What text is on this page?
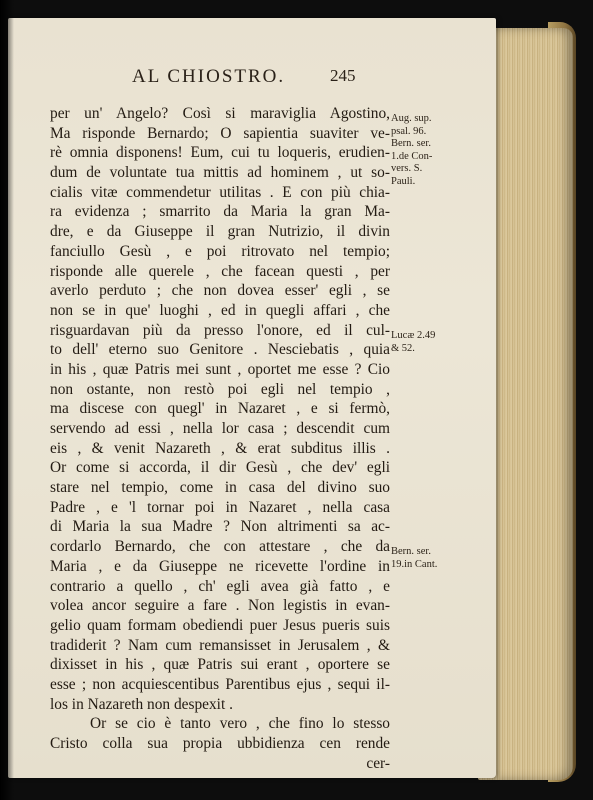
AL CHIOSTRO.	245
per un' Angelo? Così si maraviglia Agostino,
Ma risponde Bernardo; O sapientia suaviter ve-
rè omnia disponens! Eum, cui tu loqueris, erudien-
dum de voluntate tua mittis ad hominem , ut so-
cialis vitæ commendetur utilitas . E con più chia-
ra evidenza ; smarrito da Maria la gran Ma-
dre, e da Giuseppe il gran Nutrizio, il divin
fanciullo Gesù , e poi ritrovato nel tempio;
risponde alle querele , che facean questi , per
averlo perduto ; che non dovea esser' egli , se
non se in que' luoghi , ed in quegli affari , che
risguardavan più da presso l'onore, ed il cul-
to dell' eterno suo Genitore . Nesciebatis , quia
in his , quæ Patris mei sunt , oportet me esse ? Cio
non ostante, non restò poi egli nel tempio ,
ma discese con quegl' in Nazaret , e si fermò,
servendo ad essi , nella lor casa ; descendit cum
eis , & venit Nazareth , & erat subditus illis .
Or come si accorda, il dir Gesù , che dev' egli
stare nel tempio, come in casa del divino suo
Padre , e 'l tornar poi in Nazaret , nella casa
di Maria la sua Madre ? Non altrimenti sa ac-
cordarlo Bernardo, che con attestare , che da
Maria , e da Giuseppe ne ricevette l'ordine in
contrario a quello , ch' egli avea già fatto , e
volea ancor seguire a fare . Non legistis in evan-
gelio quam formam obediendi puer Jesus pueris suis
tradiderit ? Nam cum remansisset in Jerusalem , &
dixisset in his , quæ Patris sui erant , oportere se
esse ; non acquiescentibus Parentibus ejus , sequi il-
los in Nazareth non despexit .
Or se cio è tanto vero , che fino lo stesso
Cristo colla sua propia ubbidienza cen rende
cer-
Aug. sup.
psal. 96.
Bern. ser.
1.de Con-
vers. S.
Pauli.
Lucæ 2.49
& 52.
Bern. ser.
19.in Cant.
